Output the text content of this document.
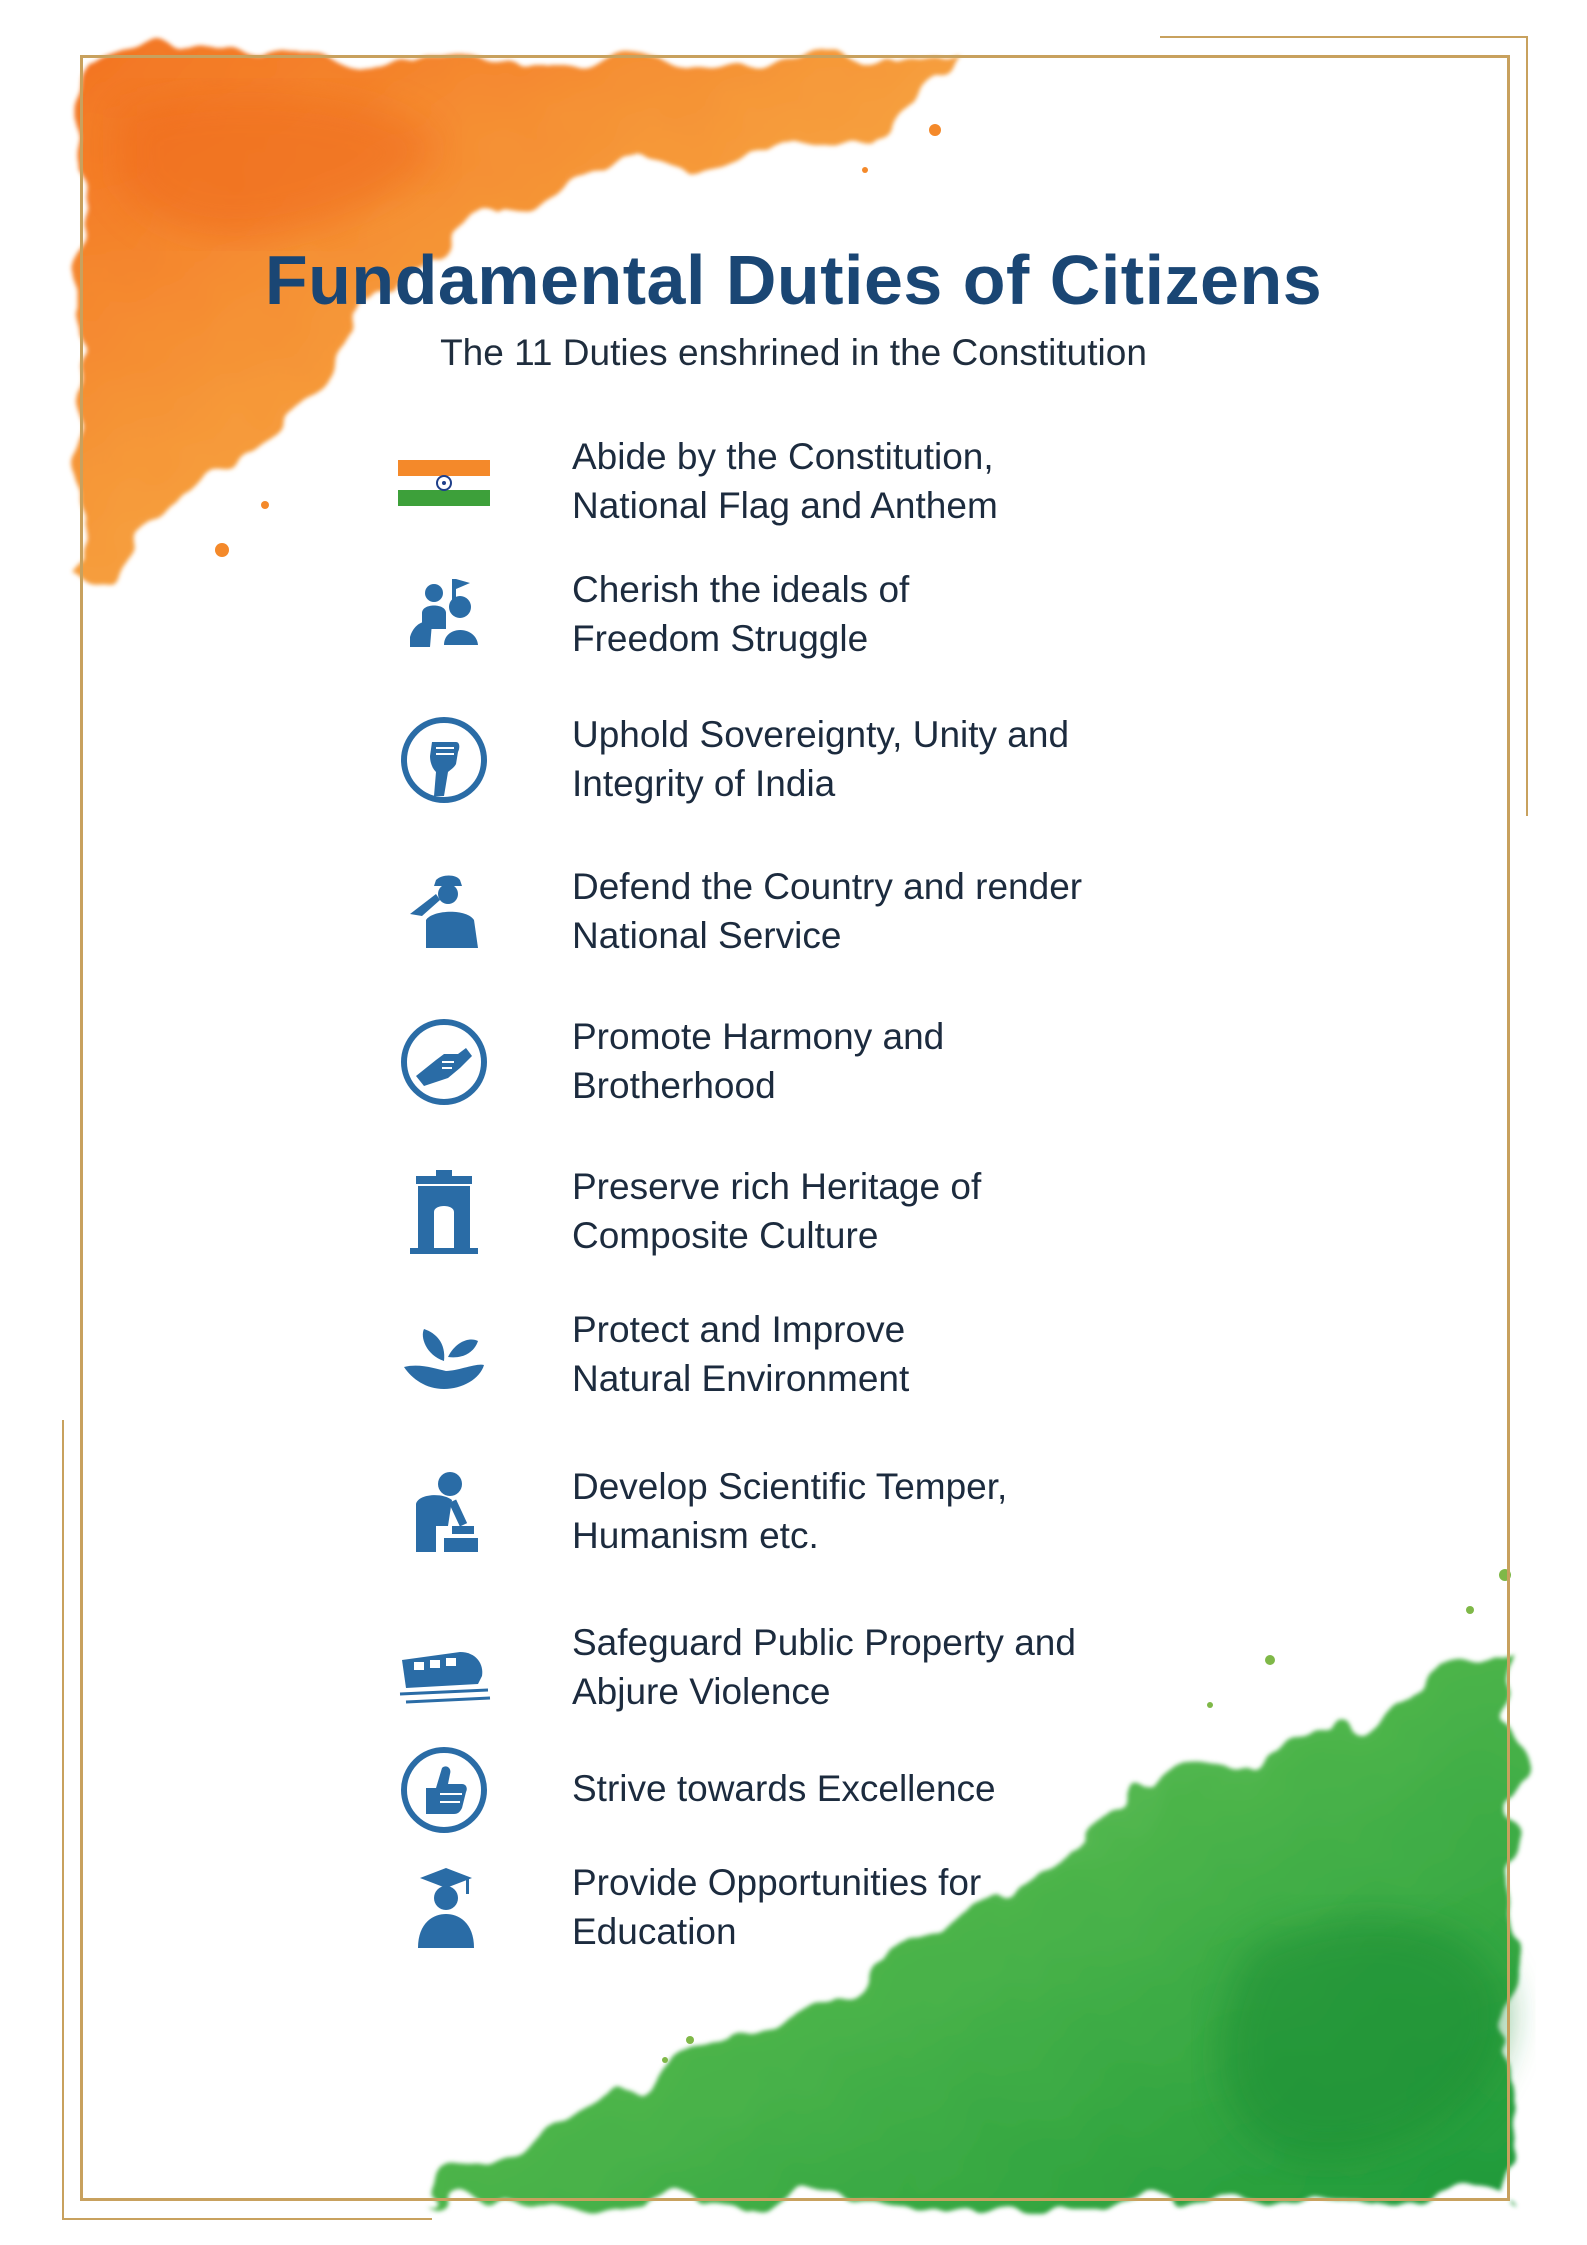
Fundamental Duties of Citizens

The 11 Duties enshrined in the Constitution

Abide by the Constitution,
National Flag and Anthem
Cherish the ideals of
Freedom Struggle
Uphold Sovereignty, Unity and
Integrity of India
Defend the Country and render
National Service
Promote Harmony and
Brotherhood
Preserve rich Heritage of
Composite Culture
Protect and Improve
Natural Environment
Develop Scientific Temper,
Humanism etc.
Safeguard Public Property and
Abjure Violence
Strive towards Excellence
Provide Opportunities for
Education
